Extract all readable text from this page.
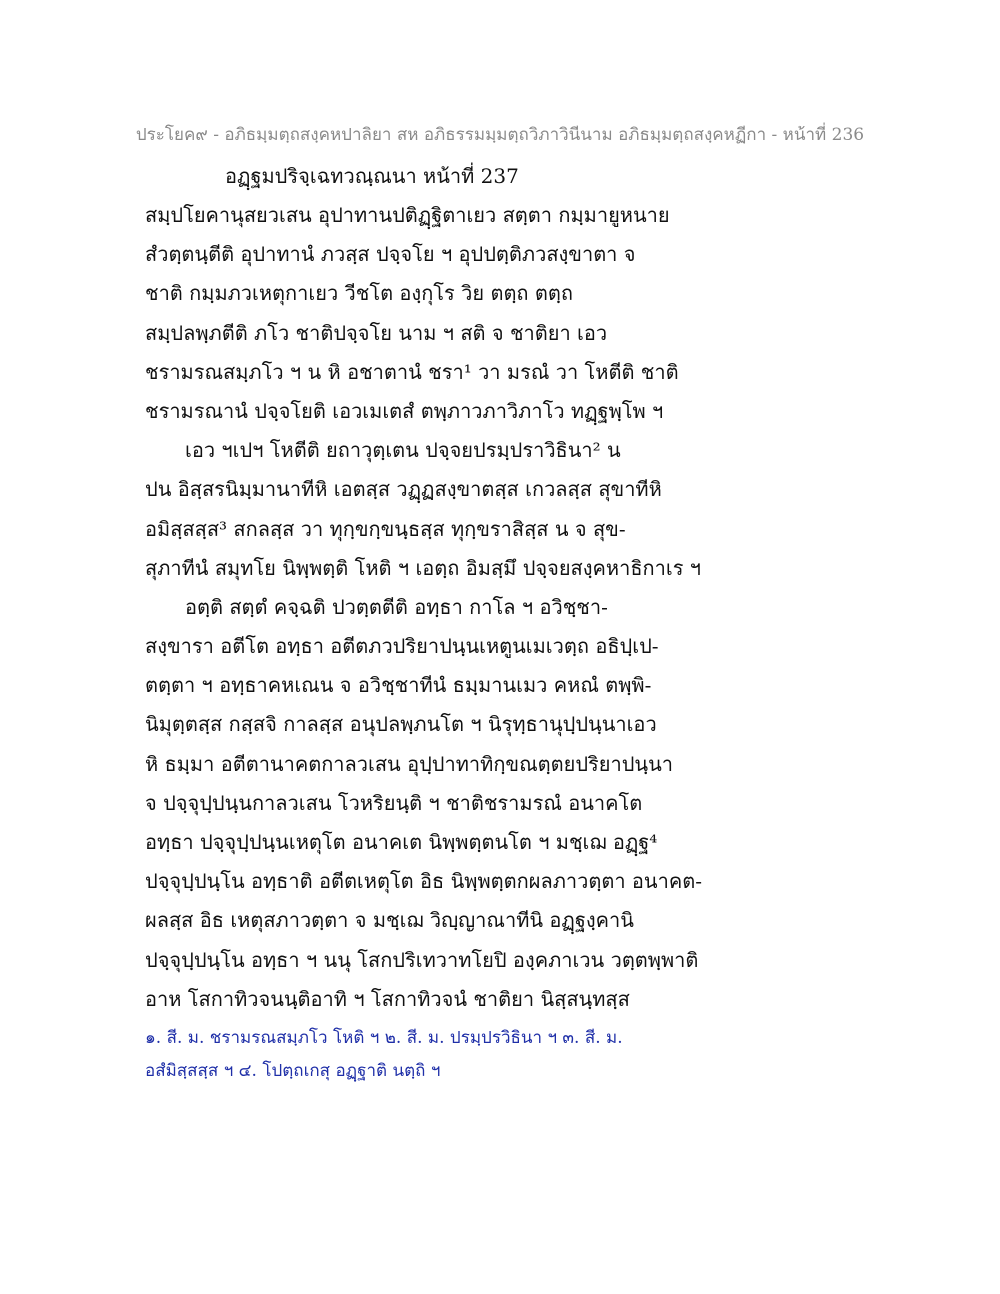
ประโยค๙ - อภิธมฺมตฺถสงฺคหปาลิยา สห อภิธรรมมฺมตฺถวิภาวินีนาม อภิธมฺมตฺถสงฺคหฏีกา - หน้าที่ 236
อฏฺฐมปริจฺเฉทวณฺณนา หน้าที่ 237
สมฺปโยคานุสยวเสน อุปาทานปติฏฺฐิตาเยว สตฺตา กมฺมายูหนาย
สํวตฺตนฺตีติ อุปาทานํ ภวสฺส ปจฺจโย ฯ อุปปตฺติภวสงฺขาตา จ
ชาติ กมฺมภวเหตุกาเยว วีชโต องฺกุโร วิย ตตฺถ ตตฺถ
สมฺปลพฺภตีติ ภโว ชาติปจฺจโย นาม ฯ สติ จ ชาติยา เอว
ชรามรณสมฺภโว ฯ น หิ อชาตานํ ชรา¹ วา มรณํ วา โหตีติ ชาติ
ชรามรณานํ ปจฺจโยติ เอวเมเตสํ ตพฺภาวภาวิภาโว ทฏฺฐพฺโพ ฯ
เอว ฯเปฯ โหตีติ ยถาวุตฺเตน ปจฺจยปรมฺปราวิธินา² น
ปน อิสฺสรนิมฺมานาทีหิ เอตสฺส วฏฺฏสงฺขาตสฺส เกวลสฺส สุขาทีหิ
อมิสฺสสฺส³ สกลสฺส วา ทุกฺขกฺขนฺธสฺส ทุกฺขราสิสฺส น จ สุข-
สุภาทีนํ สมุทโย นิพฺพตฺติ โหติ ฯ เอตฺถ อิมสฺมึ ปจฺจยสงฺคหาธิกาเร ฯ
อตฺติ สตฺตํ คจฺฉติ ปวตฺตตีติ อทฺธา กาโล ฯ อวิชฺชา-
สงฺขารา อตีโต อทฺธา อตีตภวปริยาปนฺนเหตูนเมเวตฺถ อธิปฺเป-
ตตฺตา ฯ อทฺธาคหเณน จ อวิชฺชาทีนํ ธมฺมานเมว คหณํ ตพฺพิ-
นิมุตฺตสฺส กสฺสจิ กาลสฺส อนุปลพฺภนโต ฯ นิรุทฺธานุปฺปนฺนาเอว
หิ ธมฺมา อตีตานาคตกาลวเสน อุปฺปาทาทิกฺขณตฺตยปริยาปนฺนา
จ ปจฺจุปฺปนฺนกาลวเสน โวหริยนฺติ ฯ ชาติชรามรณํ อนาคโต
อทฺธา ปจฺจุปฺปนฺนเหตุโต อนาคเต นิพฺพตฺตนโต ฯ มชฺเฌ อฏฺฐ⁴
ปจฺจุปฺปนฺโน อทฺธาติ อตีตเหตุโต อิธ นิพฺพตฺตกผลภาวตฺตา อนาคต-
ผลสฺส อิธ เหตุสภาวตฺตา จ มชฺเฌ วิญฺญาณาทีนิ อฏฺฐงฺคานิ
ปจฺจุปฺปนฺโน อทฺธา ฯ นนุ โสกปริเทวาทโยปิ องฺคภาเวน วตฺตพฺพาติ
อาห โสกาทิวจนนฺติอาทิ ฯ โสกาทิวจนํ ชาติยา นิสฺสนฺทสฺส
๑. สี. ม. ชรามรณสมฺภโว โหติ ฯ ๒. สี. ม. ปรมฺปรวิธินา ฯ ๓. สี. ม.
อสํมิสฺสสฺส ฯ ๔. โปตฺถเกสุ อฏฺฐาติ นตฺถิ ฯ
